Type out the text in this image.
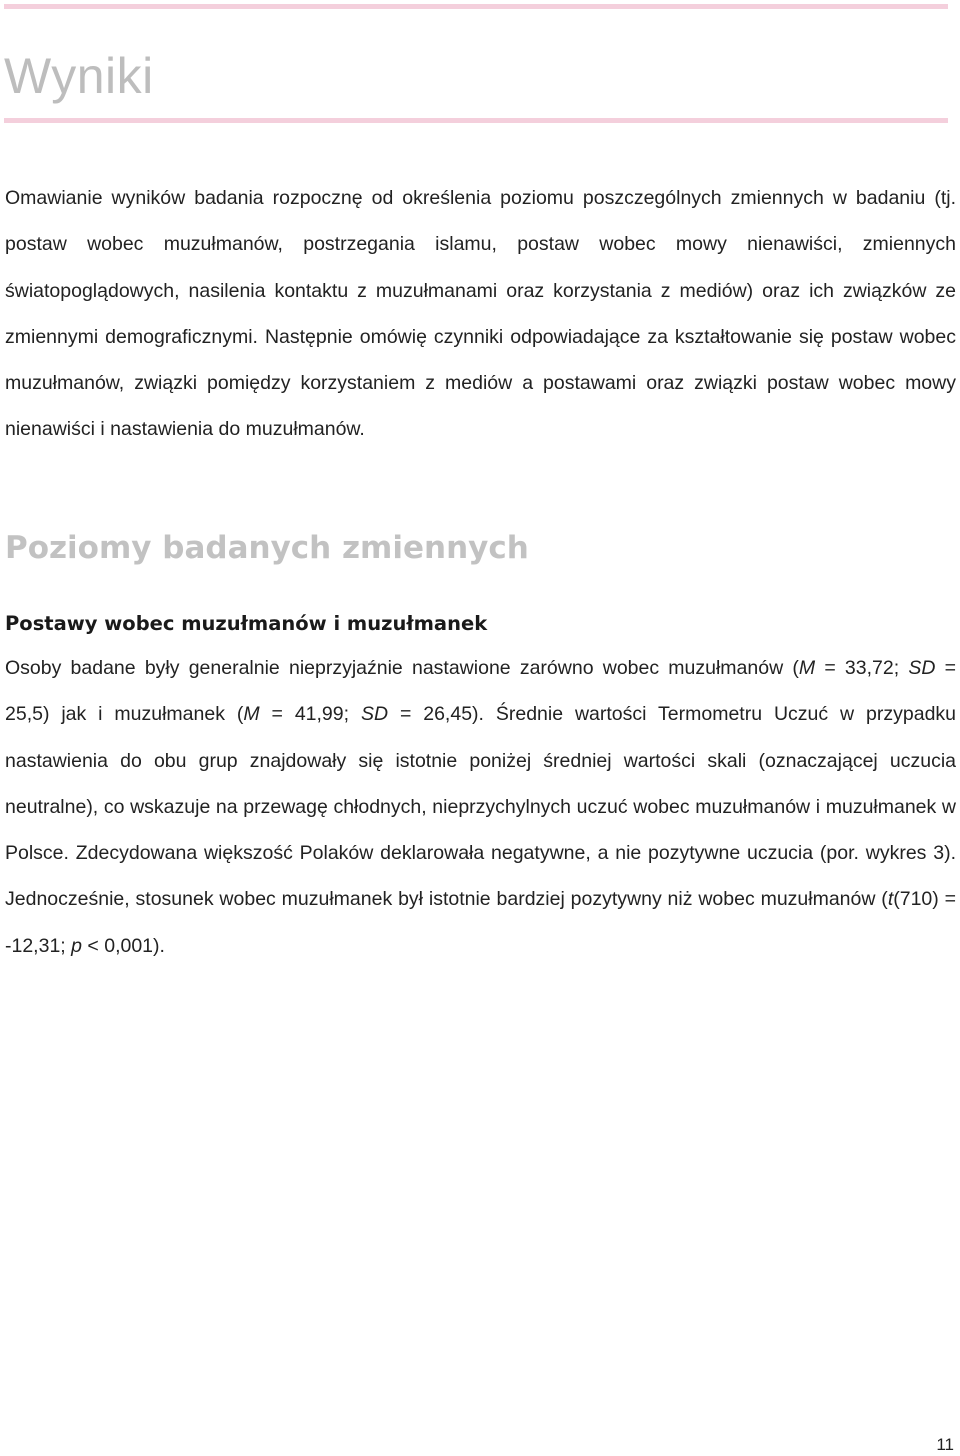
Wyniki

Omawianie wyników badania rozpocznę od określenia poziomu poszczególnych zmiennych w badaniu (tj. postaw wobec muzułmanów, postrzegania islamu, postaw wobec mowy nienawiści, zmiennych światopoglądowych, nasilenia kontaktu z muzułmanami oraz korzystania z mediów) oraz ich związków ze zmiennymi demograficznymi. Następnie omówię czynniki odpowiadające za kształtowanie się postaw wobec muzułmanów, związki pomiędzy korzystaniem z mediów a postawami oraz związki postaw wobec mowy nienawiści i nastawienia do muzułmanów.

Poziomy badanych zmiennych
Postawy wobec muzułmanów i muzułmanek

Osoby badane były generalnie nieprzyjaźnie nastawione zarówno wobec muzułmanów (M = 33,72; SD = 25,5) jak i muzułmanek (M = 41,99; SD = 26,45). Średnie wartości Termometru Uczuć w przypadku nastawienia do obu grup znajdowały się istotnie poniżej średniej wartości skali (oznaczającej uczucia neutralne), co wskazuje na przewagę chłodnych, nieprzychylnych uczuć wobec muzułmanów i muzułmanek w Polsce. Zdecydowana większość Polaków deklarowała negatywne, a nie pozytywne uczucia (por. wykres 3). Jednocześnie, stosunek wobec muzułmanek był istotnie bardziej pozytywny niż wobec muzułmanów (t(710) = -12,31; p < 0,001).

11
